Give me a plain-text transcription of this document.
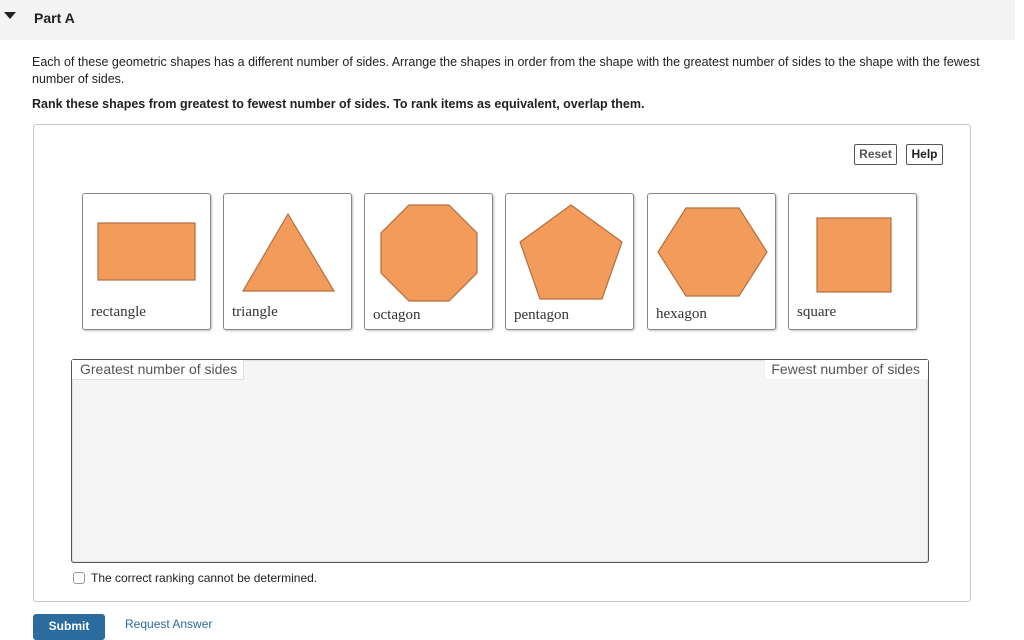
Part A
Each of these geometric shapes has a different number of sides. Arrange the shapes in order from the shape with the greatest number of sides to the shape with the fewest number of sides.
Rank these shapes from greatest to fewest number of sides. To rank items as equivalent, overlap them.
Reset	Help
rectangle	triangle	octagon	pentagon	hexagon	square
Greatest number of sides	Fewest number of sides
The correct ranking cannot be determined.
Submit	Request Answer
